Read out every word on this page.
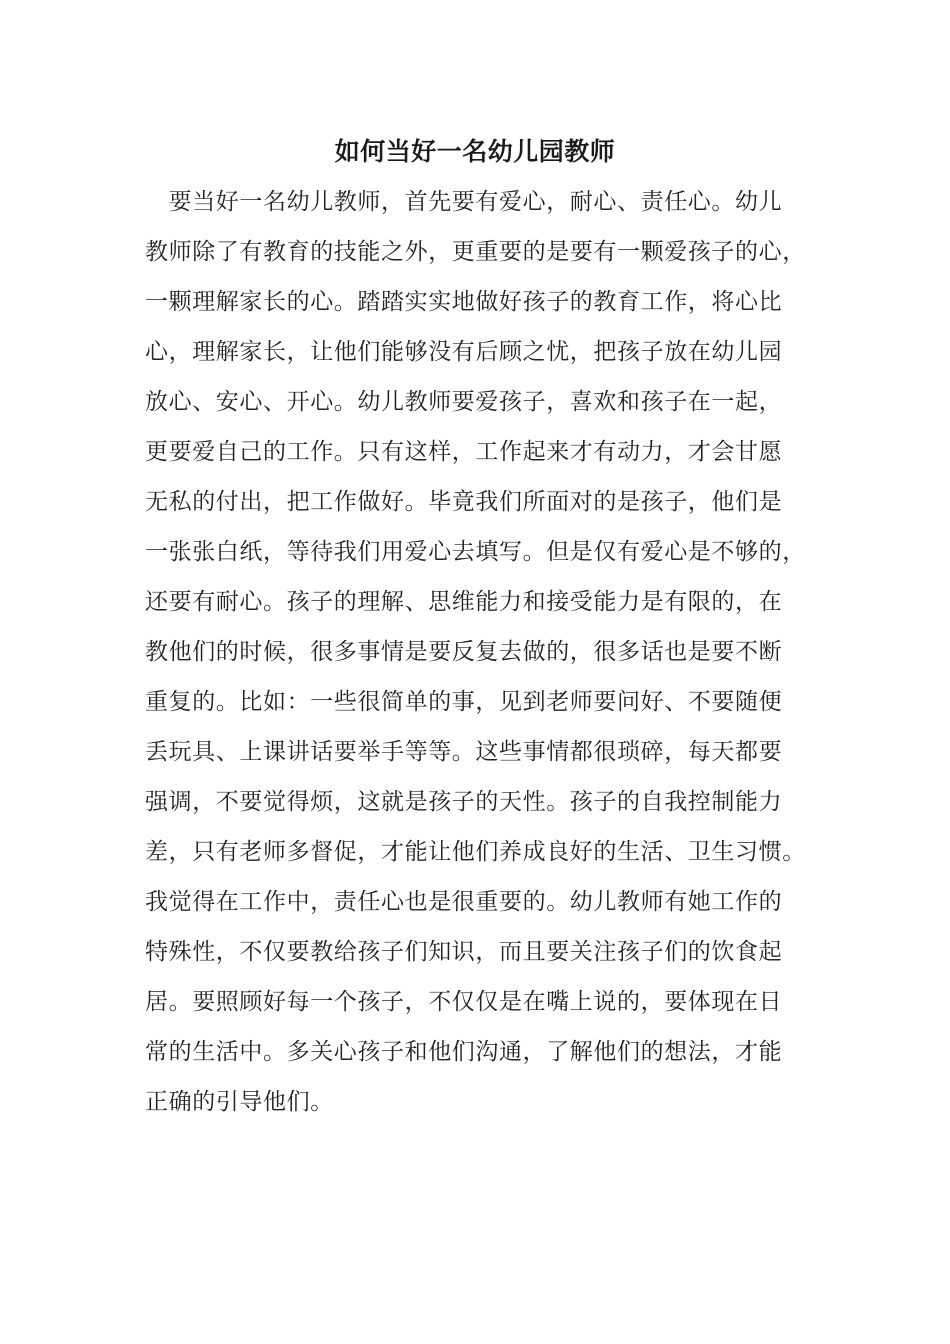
如何当好一名幼儿园教师
　要当好一名幼儿教师，首先要有爱心，耐心、责任心。幼儿
教师除了有教育的技能之外，更重要的是要有一颗爱孩子的心，
一颗理解家长的心。踏踏实实地做好孩子的教育工作，将心比
心，理解家长，让他们能够没有后顾之忧，把孩子放在幼儿园
放心、安心、开心。幼儿教师要爱孩子，喜欢和孩子在一起，
更要爱自己的工作。只有这样，工作起来才有动力，才会甘愿
无私的付出，把工作做好。毕竟我们所面对的是孩子，他们是
一张张白纸，等待我们用爱心去填写。但是仅有爱心是不够的，
还要有耐心。孩子的理解、思维能力和接受能力是有限的，在
教他们的时候，很多事情是要反复去做的，很多话也是要不断
重复的。比如：一些很简单的事，见到老师要问好、不要随便
丢玩具、上课讲话要举手等等。这些事情都很琐碎，每天都要
强调，不要觉得烦，这就是孩子的天性。孩子的自我控制能力
差，只有老师多督促，才能让他们养成良好的生活、卫生习惯。
我觉得在工作中，责任心也是很重要的。幼儿教师有她工作的
特殊性，不仅要教给孩子们知识，而且要关注孩子们的饮食起
居。要照顾好每一个孩子，不仅仅是在嘴上说的，要体现在日
常的生活中。多关心孩子和他们沟通，了解他们的想法，才能
正确的引导他们。
